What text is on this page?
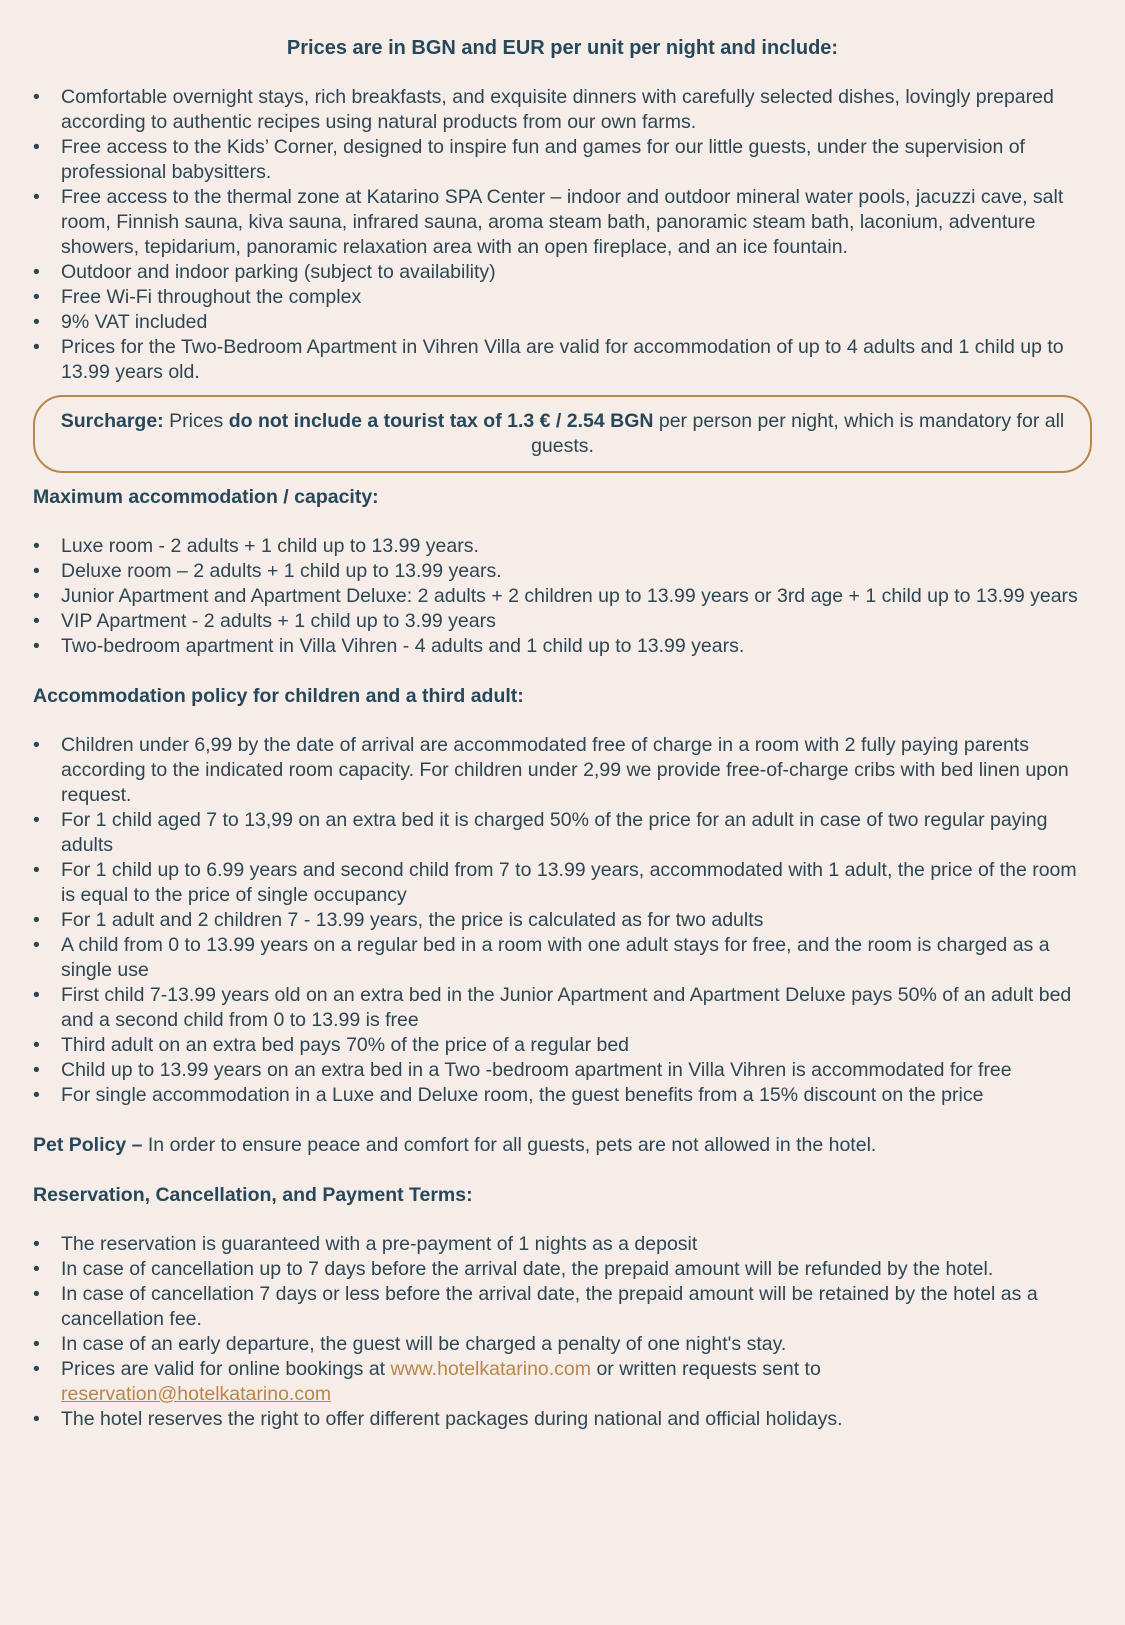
Prices are in BGN and EUR per unit per night and include:
• Comfortable overnight stays, rich breakfasts, and exquisite dinners with carefully selected dishes, lovingly prepared according to authentic recipes using natural products from our own farms.
• Free access to the Kids’ Corner, designed to inspire fun and games for our little guests, under the supervision of professional babysitters.
• Free access to the thermal zone at Katarino SPA Center – indoor and outdoor mineral water pools, jacuzzi cave, salt room, Finnish sauna, kiva sauna, infrared sauna, aroma steam bath, panoramic steam bath, laconium, adventure showers, tepidarium, panoramic relaxation area with an open fireplace, and an ice fountain.
• Outdoor and indoor parking (subject to availability)
• Free Wi-Fi throughout the complex
• 9% VAT included
• Prices for the Two-Bedroom Apartment in Vihren Villa are valid for accommodation of up to 4 adults and 1 child up to 13.99 years old.
Surcharge: Prices do not include a tourist tax of 1.3 € / 2.54 BGN per person per night, which is mandatory for all guests.
Maximum accommodation / capacity:
• Luxe room - 2 adults + 1 child up to 13.99 years.
• Deluxe room – 2 adults + 1 child up to 13.99 years.
• Junior Apartment and Apartment Deluxe: 2 adults + 2 children up to 13.99 years or 3rd age + 1 child up to 13.99 years
• VIP Apartment - 2 adults + 1 child up to 3.99 years
• Two-bedroom apartment in Villa Vihren - 4 adults and 1 child up to 13.99 years.
Accommodation policy for children and a third adult:
• Children under 6,99 by the date of arrival are accommodated free of charge in a room with 2 fully paying parents according to the indicated room capacity. For children under 2,99 we provide free-of-charge cribs with bed linen upon request.
• For 1 child aged 7 to 13,99 on an extra bed it is charged 50% of the price for an adult in case of two regular paying adults
• For 1 child up to 6.99 years and second child from 7 to 13.99 years, accommodated with 1 adult, the price of the room is equal to the price of single occupancy
• For 1 adult and 2 children 7 - 13.99 years, the price is calculated as for two adults
• A child from 0 to 13.99 years on a regular bed in a room with one adult stays for free, and the room is charged as a single use
• First child 7-13.99 years old on an extra bed in the Junior Apartment and Apartment Deluxe pays 50% of an adult bed and a second child from 0 to 13.99 is free
• Third adult on an extra bed pays 70% of the price of a regular bed
• Child up to 13.99 years on an extra bed in a Two -bedroom apartment in Villa Vihren is accommodated for free
• For single accommodation in a Luxe and Deluxe room, the guest benefits from a 15% discount on the price
Pet Policy – In order to ensure peace and comfort for all guests, pets are not allowed in the hotel.
Reservation, Cancellation, and Payment Terms:
• The reservation is guaranteed with a pre-payment of 1 nights as a deposit
• In case of cancellation up to 7 days before the arrival date, the prepaid amount will be refunded by the hotel.
• In case of cancellation 7 days or less before the arrival date, the prepaid amount will be retained by the hotel as a cancellation fee.
• In case of an early departure, the guest will be charged a penalty of one night's stay.
• Prices are valid for online bookings at www.hotelkatarino.com or written requests sent to reservation@hotelkatarino.com
• The hotel reserves the right to offer different packages during national and official holidays.
